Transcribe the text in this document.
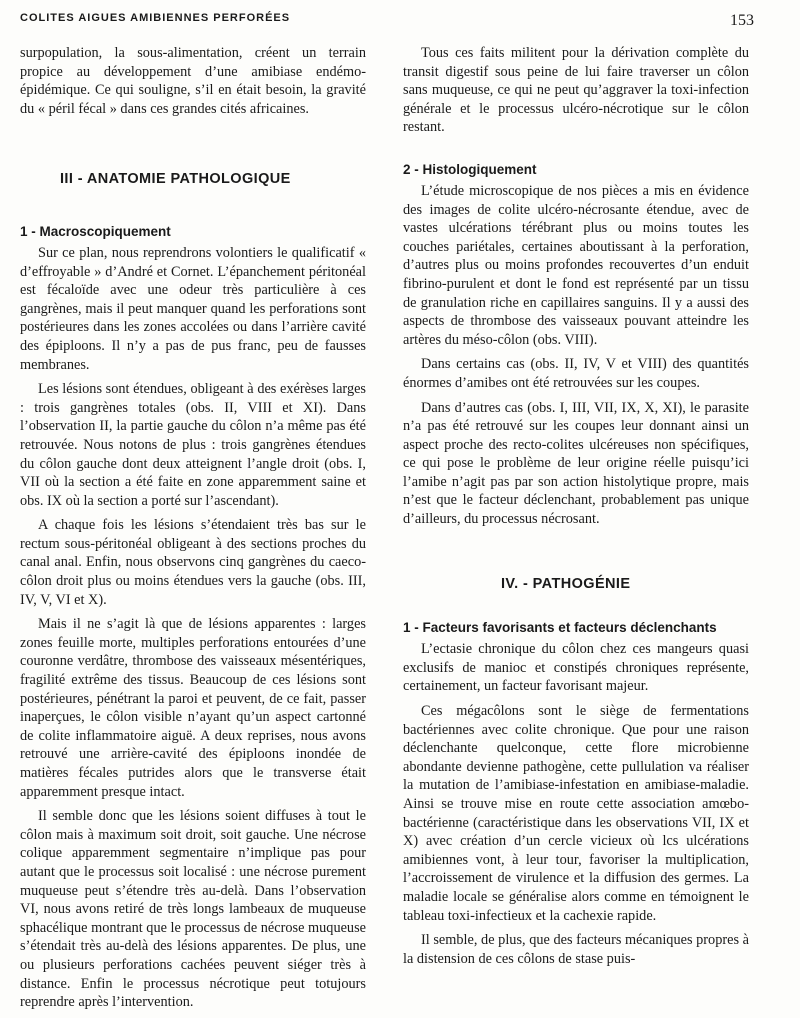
COLITES AIGUES AMIBIENNES PERFORÉES	153

surpopulation, la sous-alimentation, créent un terrain propice au développement d’une amibiase endémo-épidémique. Ce qui souligne, s’il en était besoin, la gravité du « péril fécal » dans ces grandes cités africaines.

III - ANATOMIE PATHOLOGIQUE
1 - Macroscopiquement

Sur ce plan, nous reprendrons volontiers le qualificatif « d’effroyable » d’André et Cornet. L’épanchement péritonéal est fécaloïde avec une odeur très particulière à ces gangrènes, mais il peut manquer quand les perforations sont postérieures dans les zones accolées ou dans l’arrière cavité des épiploons. Il n’y a pas de pus franc, peu de fausses membranes.

Les lésions sont étendues, obligeant à des exérèses larges : trois gangrènes totales (obs. II, VIII et XI). Dans l’observation II, la partie gauche du côlon n’a même pas été retrouvée. Nous notons de plus : trois gangrènes étendues du côlon gauche dont deux atteignent l’angle droit (obs. I, VII où la section a été faite en zone apparemment saine et obs. IX où la section a porté sur l’ascendant).

A chaque fois les lésions s’étendaient très bas sur le rectum sous-péritonéal obligeant à des sections proches du canal anal. Enfin, nous observons cinq gangrènes du caeco-côlon droit plus ou moins étendues vers la gauche (obs. III, IV, V, VI et X).

Mais il ne s’agit là que de lésions apparentes : larges zones feuille morte, multiples perforations entourées d’une couronne verdâtre, thrombose des vaisseaux mésentériques, fragilité extrême des tissus. Beaucoup de ces lésions sont postérieures, pénétrant la paroi et peuvent, de ce fait, passer inaperçues, le côlon visible n’ayant qu’un aspect cartonné de colite inflammatoire aiguë. A deux reprises, nous avons retrouvé une arrière-cavité des épiploons inondée de matières fécales putrides alors que le transverse était apparemment presque intact.

Il semble donc que les lésions soient diffuses à tout le côlon mais à maximum soit droit, soit gauche. Une nécrose colique apparemment segmentaire n’implique pas pour autant que le processus soit localisé : une nécrose purement muqueuse peut s’étendre très au-delà. Dans l’observation VI, nous avons retiré de très longs lambeaux de muqueuse sphacélique montrant que le processus de nécrose muqueuse s’étendait très au-delà des lésions apparentes. De plus, une ou plusieurs perforations cachées peuvent siéger très à distance. Enfin le processus nécrotique peut totujours reprendre après l’intervention.

Tous ces faits militent pour la dérivation complète du transit digestif sous peine de lui faire traverser un côlon sans muqueuse, ce qui ne peut qu’aggraver la toxi-infection générale et le processus ulcéro-nécrotique sur le côlon restant.

2 - Histologiquement

L’étude microscopique de nos pièces a mis en évidence des images de colite ulcéro-nécrosante étendue, avec de vastes ulcérations térébrant plus ou moins toutes les couches pariétales, certaines aboutissant à la perforation, d’autres plus ou moins profondes recouvertes d’un enduit fibrino-purulent et dont le fond est représenté par un tissu de granulation riche en capillaires sanguins. Il y a aussi des aspects de thrombose des vaisseaux pouvant atteindre les artères du méso-côlon (obs. VIII).

Dans certains cas (obs. II, IV, V et VIII) des quantités énormes d’amibes ont été retrouvées sur les coupes.

Dans d’autres cas (obs. I, III, VII, IX, X, XI), le parasite n’a pas été retrouvé sur les coupes leur donnant ainsi un aspect proche des recto-colites ulcéreuses non spécifiques, ce qui pose le problème de leur origine réelle puisqu’ici l’amibe n’agit pas par son action histolytique propre, mais n’est que le facteur déclenchant, probablement pas unique d’ailleurs, du processus nécrosant.

IV. - PATHOGÉNIE
1 - Facteurs favorisants et facteurs déclenchants

L’ectasie chronique du côlon chez ces mangeurs quasi exclusifs de manioc et constipés chroniques représente, certainement, un facteur favorisant majeur.

Ces mégacôlons sont le siège de fermentations bactériennes avec colite chronique. Que pour une raison déclenchante quelconque, cette flore microbienne abondante devienne pathogène, cette pullulation va réaliser la mutation de l’amibiase-infestation en amibiase-maladie. Ainsi se trouve mise en route cette association amœbo-bactérienne (caractéristique dans les observations VII, IX et X) avec création d’un cercle vicieux où lcs ulcérations amibiennes vont, à leur tour, favoriser la multiplication, l’accroissement de virulence et la diffusion des germes. La maladie locale se généralise alors comme en témoignent le tableau toxi-infectieux et la cachexie rapide.

Il semble, de plus, que des facteurs mécaniques propres à la distension de ces côlons de stase puis-
